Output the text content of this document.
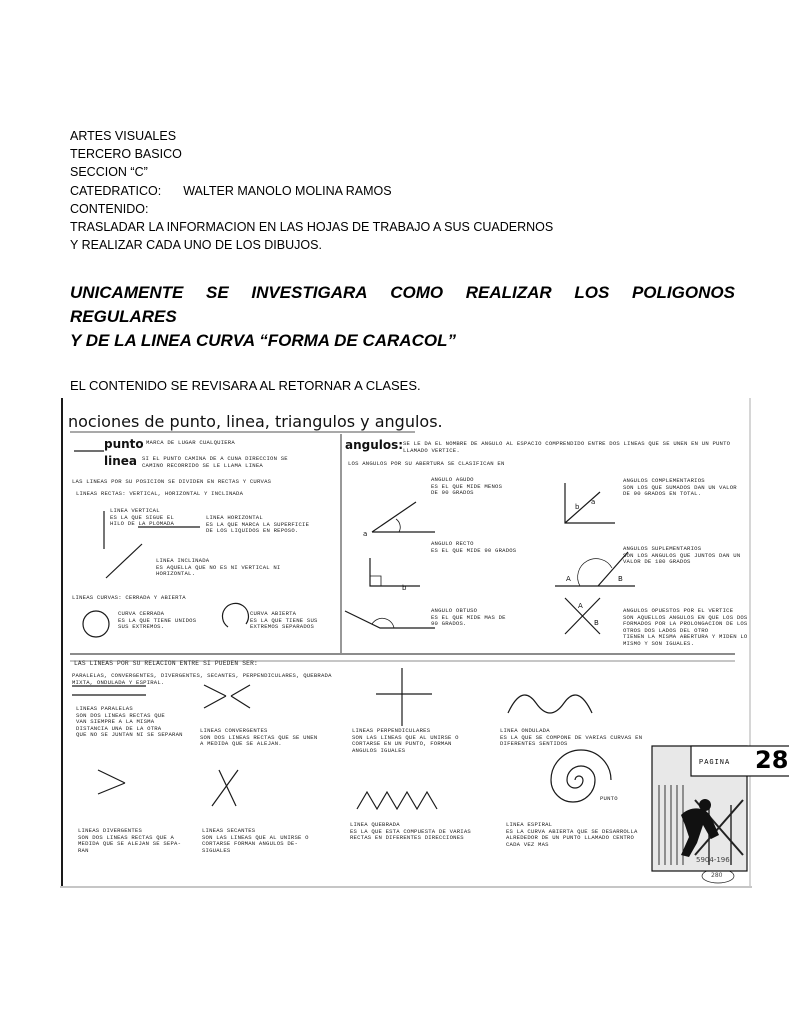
ARTES VISUALES
TERCERO BASICO
SECCION “C”
CATEDRATICO: WALTER MANOLO MOLINA RAMOS
CONTENIDO:
TRASLADAR LA INFORMACION EN LAS HOJAS DE TRABAJO A SUS CUADERNOS
Y REALIZAR CADA UNO DE LOS DIBUJOS.
UNICAMENTE SE INVESTIGARA COMO REALIZAR LOS POLIGONOS
REGULARES
Y DE LA LINEA CURVA “FORMA DE CARACOL”
EL CONTENIDO SE REVISARA AL RETORNAR A CLASES.
a
b
a
b
A	B
A
B
nociones de punto, linea, triangulos y angulos.
punto MARCA DE LUGAR CUALQUIERA
linea SI EL PUNTO CAMINA DE A CUNA DIRECCION SE
CAMINO RECORRIDO SE LE LLAMA LINEA
LAS LINEAS POR SU POSICION SE DIVIDEN EN RECTAS Y CURVAS
LINEAS RECTAS: VERTICAL, HORIZONTAL Y INCLINADA
LINEA VERTICAL
ES LA QUE SIGUE EL
HILO DE LA PLOMADA
LINEA HORIZONTAL
ES LA QUE MARCA LA SUPERFICIE
DE LOS LIQUIDOS EN REPOSO.
LINEA INCLINADA
ES AQUELLA QUE NO ES NI VERTICAL NI
HORIZONTAL.
LINEAS CURVAS: CERRADA Y ABIERTA
CURVA CERRADA
ES LA QUE TIENE UNIDOS
SUS EXTREMOS.
CURVA ABIERTA
ES LA QUE TIENE SUS
EXTREMOS SEPARADOS
angulos: SE LE DA EL NOMBRE DE ANGULO AL ESPACIO COMPRENDIDO ENTRE DOS LINEAS QUE SE UNEN EN UN PUNTO
LLAMADO VERTICE.
LOS ANGULOS POR SU ABERTURA SE CLASIFICAN EN
ANGULO AGUDO
ES EL QUE MIDE MENOS
DE 90 GRADOS
ANGULO RECTO
ES EL QUE MIDE 90 GRADOS
ANGULO OBTUSO
ES EL QUE MIDE MAS DE
90 GRADOS.
ANGULOS COMPLEMENTARIOS
SON LOS QUE SUMADOS DAN UN VALOR
DE 90 GRADOS EN TOTAL.
ANGULOS SUPLEMENTARIOS
SON LOS ANGULOS QUE JUNTOS DAN UN
VALOR DE 180 GRADOS
ANGULOS OPUESTOS POR EL VERTICE
SON AQUELLOS ANGULOS EN QUE LOS DOS
FORMADOS POR LA PROLONGACION DE LOS
OTROS DOS LADOS DEL OTRO
TIENEN LA MISMA ABERTURA Y MIDEN LO
MISMO Y SON IGUALES.
LAS LINEAS POR SU RELACION ENTRE SI PUEDEN SER:
PARALELAS, CONVERGENTES, DIVERGENTES, SECANTES, PERPENDICULARES, QUEBRADA
MIXTA, ONDULADA Y ESPIRAL.
LINEAS PARALELAS
SON DOS LINEAS RECTAS QUE
VAN SIEMPRE A LA MISMA
DISTANCIA UNA DE LA OTRA
QUE NO SE JUNTAN NI SE SEPARAN
LINEAS CONVERGENTES
SON DOS LINEAS RECTAS QUE SE UNEN
A MEDIDA QUE SE ALEJAN.
LINEAS PERPENDICULARES
SON LAS LINEAS QUE AL UNIRSE O
CORTARSE EN UN PUNTO, FORMAN
ANGULOS IGUALES
LINEA ONDULADA
ES LA QUE SE COMPONE DE VARIAS CURVAS EN
DIFERENTES SENTIDOS
LINEAS DIVERGENTES
SON DOS LINEAS RECTAS QUE A
MEDIDA QUE SE ALEJAN SE SEPA-
RAN
LINEAS SECANTES
SON LAS LINEAS QUE AL UNIRSE O
CORTARSE FORMAN ANGULOS DE-
SIGUALES
LINEA QUEBRADA
ES LA QUE ESTA COMPUESTA DE VARIAS
RECTAS EN DIFERENTES DIRECCIONES
LINEA ESPIRAL
ES LA CURVA ABIERTA QUE SE DESARROLLA
ALREDEDOR DE UN PUNTO LLAMADO CENTRO
CADA VEZ MAS
PUNTO
PAGINA 28
5904-196
280
